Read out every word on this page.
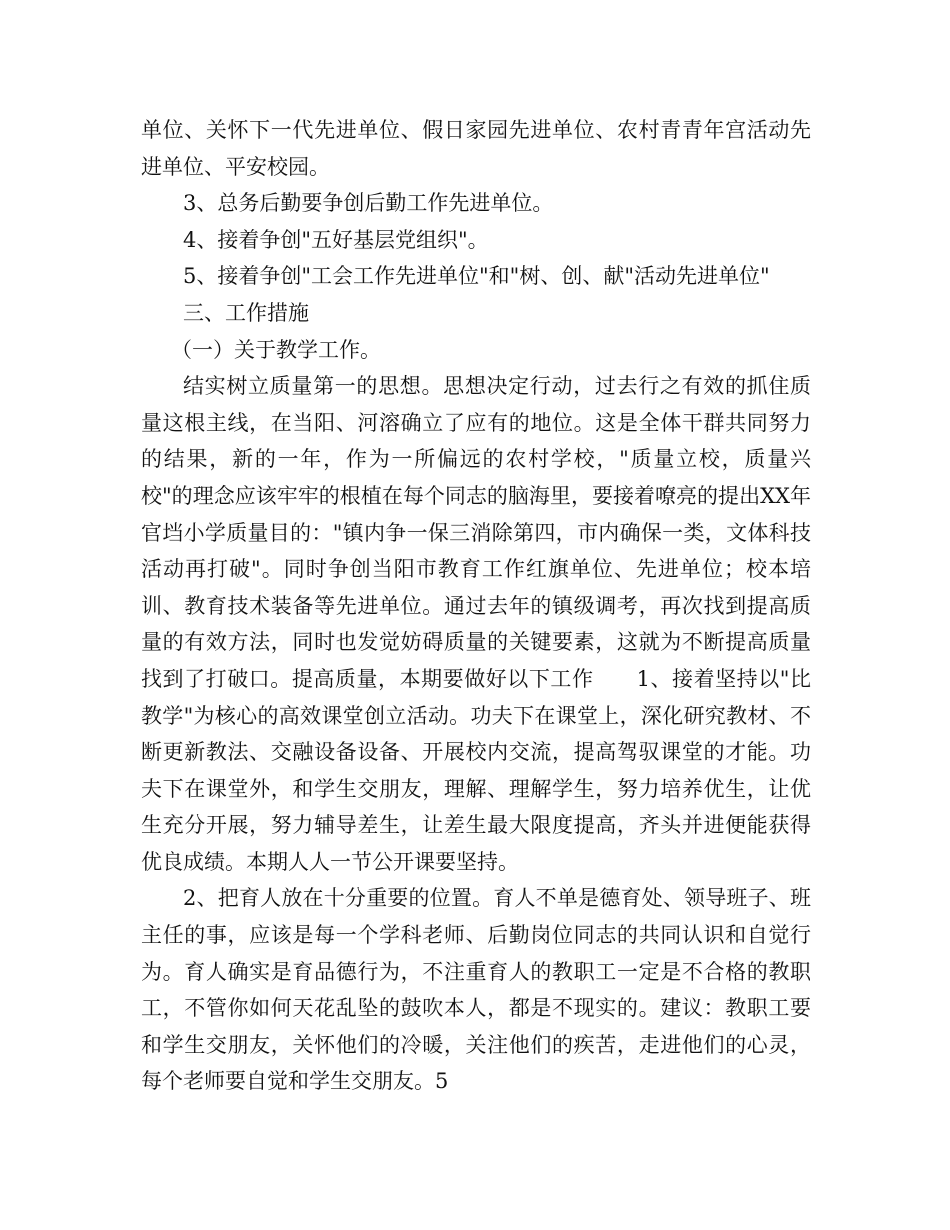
单位、关怀下一代先进单位、假日家园先进单位、农村青青年宫活动先进单位、平安校园。

3、总务后勤要争创后勤工作先进单位。

4、接着争创"五好基层党组织"。

5、接着争创"工会工作先进单位"和"树、创、献"活动先进单位"

三、工作措施

（一）关于教学工作。

结实树立质量第一的思想。思想决定行动，过去行之有效的抓住质量这根主线，在当阳、河溶确立了应有的地位。这是全体干群共同努力的结果，新的一年，作为一所偏远的农村学校，"质量立校，质量兴校"的理念应该牢牢的根植在每个同志的脑海里，要接着嘹亮的提出XX年官垱小学质量目的："镇内争一保三消除第四，市内确保一类，文体科技活动再打破"。同时争创当阳市教育工作红旗单位、先进单位；校本培训、教育技术装备等先进单位。通过去年的镇级调考，再次找到提高质量的有效方法，同时也发觉妨碍质量的关键要素，这就为不断提高质量找到了打破口。提高质量，本期要做好以下工作　　1、接着坚持以"比教学"为核心的高效课堂创立活动。功夫下在课堂上，深化研究教材、不断更新教法、交融设备设备、开展校内交流，提高驾驭课堂的才能。功夫下在课堂外，和学生交朋友，理解、理解学生，努力培养优生，让优生充分开展，努力辅导差生，让差生最大限度提高，齐头并进便能获得优良成绩。本期人人一节公开课要坚持。

2、把育人放在十分重要的位置。育人不单是德育处、领导班子、班主任的事，应该是每一个学科老师、后勤岗位同志的共同认识和自觉行为。育人确实是育品德行为，不注重育人的教职工一定是不合格的教职工，不管你如何天花乱坠的鼓吹本人，都是不现实的。建议：教职工要和学生交朋友，关怀他们的冷暖，关注他们的疾苦，走进他们的心灵，每个老师要自觉和学生交朋友。5
